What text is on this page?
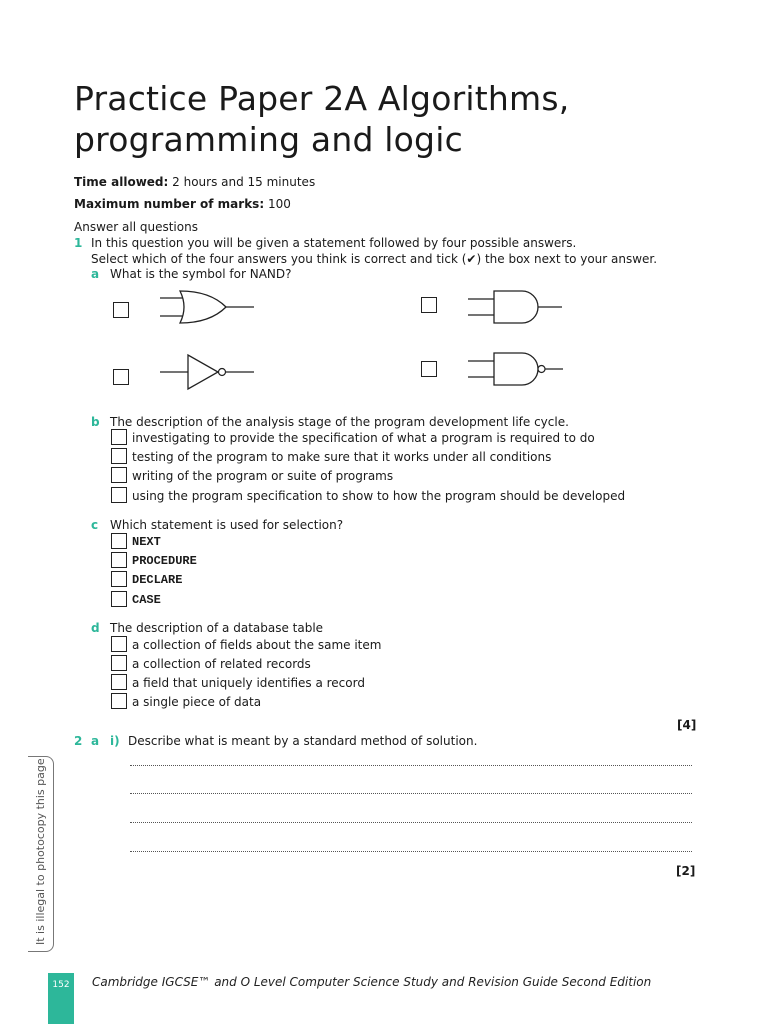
Practice Paper 2A Algorithms, programming and logic
Time allowed: 2 hours and 15 minutes
Maximum number of marks: 100
Answer all questions
1 In this question you will be given a statement followed by four possible answers.
Select which of the four answers you think is correct and tick (✔) the box next to your answer.
a What is the symbol for NAND?
b The description of the analysis stage of the program development life cycle.
investigating to provide the specification of what a program is required to do
testing of the program to make sure that it works under all conditions
writing of the program or suite of programs
using the program specification to show to how the program should be developed
c Which statement is used for selection?
NEXT
PROCEDURE
DECLARE
CASE
d The description of a database table
a collection of fields about the same item
a collection of related records
a field that uniquely identifies a record
a single piece of data
[4]
2 a i) Describe what is meant by a standard method of solution.
[2]
It is illegal to photocopy this page
152	Cambridge IGCSE™ and O Level Computer Science Study and Revision Guide Second Edition
